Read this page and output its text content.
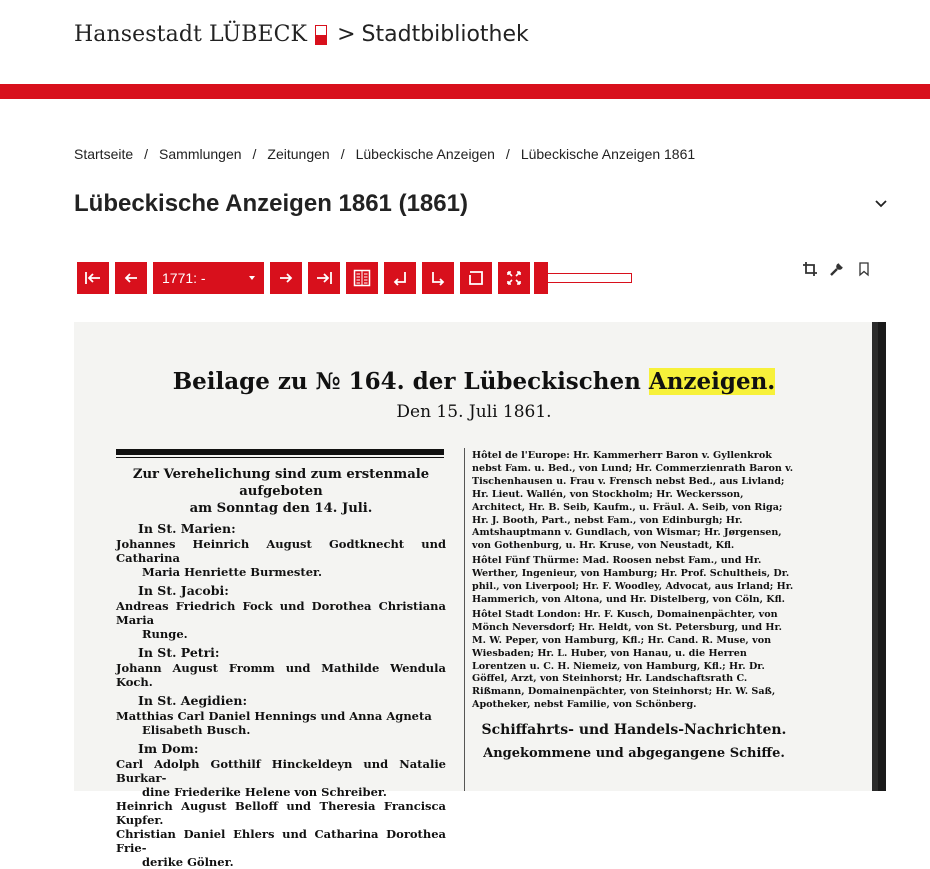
Hansestadt LÜBECK > Stadtbibliothek
Startseite / Sammlungen / Zeitungen / Lübeckische Anzeigen / Lübeckische Anzeigen 1861
Lübeckische Anzeigen 1861 (1861)
1771: -
Beilage zu № 164. der Lübeckischen Anzeigen.
Den 15. Juli 1861.
Zur Verehelichung sind zum erstenmale aufgeboten
am Sonntag den 14. Juli.
In St. Marien:
Johannes Heinrich August Godtknecht und Catharina
Maria Henriette Burmester.
In St. Jacobi:
Andreas Friedrich Fock und Dorothea Christiana Maria
Runge.
In St. Petri:
Johann August Fromm und Mathilde Wendula Koch.
In St. Aegidien:
Matthias Carl Daniel Hennings und Anna Agneta
Elisabeth Busch.
Im Dom:
Carl Adolph Gotthilf Hinckeldeyn und Natalie Burkar-
dine Friederike Helene von Schreiber.
Heinrich August Belloff und Theresia Francisca Kupfer.
Christian Daniel Ehlers und Catharina Dorothea Frie-
derike Gölner.
Hôtel de l'Europe: Hr. Kammerherr Baron v. Gyllenkrok nebst Fam. u. Bed., von Lund; Hr. Commerzienrath Baron v. Tischenhausen u. Frau v. Frensch nebst Bed., aus Livland; Hr. Lieut. Wallén, von Stockholm; Hr. Weckersson, Architect, Hr. B. Seib, Kaufm., u. Fräul. A. Seib, von Riga; Hr. J. Booth, Part., nebst Fam., von Edinburgh; Hr. Amtshauptmann v. Gundlach, von Wismar; Hr. Jørgensen, von Gothenburg, u. Hr. Kruse, von Neustadt, Kfl.
Hôtel Fünf Thürme: Mad. Roosen nebst Fam., und Hr. Werther, Ingenieur, von Hamburg; Hr. Prof. Schultheis, Dr. phil., von Liverpool; Hr. F. Woodley, Advocat, aus Irland; Hr. Hammerich, von Altona, und Hr. Distelberg, von Cöln, Kfl.
Hôtel Stadt London: Hr. F. Kusch, Domainenpächter, von Mönch Neversdorf; Hr. Heldt, von St. Petersburg, und Hr. M. W. Peper, von Hamburg, Kfl.; Hr. Cand. R. Muse, von Wiesbaden; Hr. L. Huber, von Hanau, u. die Herren Lorentzen u. C. H. Niemeiz, von Hamburg, Kfl.; Hr. Dr. Göffel, Arzt, von Steinhorst; Hr. Landschaftsrath C. Rißmann, Domainenpächter, von Steinhorst; Hr. W. Saß, Apotheker, nebst Familie, von Schönberg.
Schiffahrts- und Handels-Nachrichten.
Angekommene und abgegangene Schiffe.
